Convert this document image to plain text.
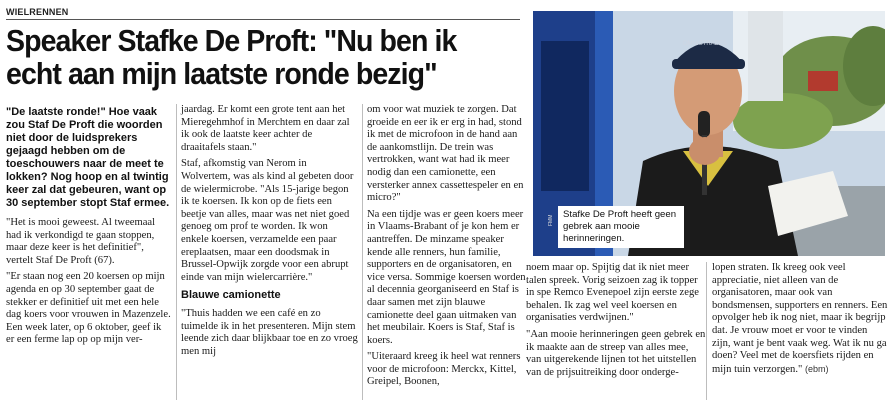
WIELRENNEN
Speaker Stafke De Proft: "Nu ben ik echt aan mijn laatste ronde bezig"

"De laatste ronde!" Hoe vaak zou Staf De Proft die woorden niet door de luidsprekers gejaagd hebben om de toeschouwers naar de meet te lokken? Nog hoop en al twintig keer zal dat gebeuren, want op 30 september stopt Staf ermee.

"Het is mooi geweest. Al tweemaal had ik verkondigd te gaan stoppen, maar deze keer is het definitief", vertelt Staf De Proft (67).

"Er staan nog een 20 koersen op mijn agenda en op 30 september gaat de stekker er definitief uit met een hele dag koers voor vrouwen in Mazenzele. Een week later, op 6 oktober, geef ik er een ferme lap op op mijn ver-

jaardag. Er komt een grote tent aan het Mieregehmhof in Merchtem en daar zal ik ook de laatste keer achter de draaitafels staan."

Staf, afkomstig van Nerom in Wolvertem, was als kind al gebeten door de wielermicrobe. "Als 15-jarige begon ik te koersen. Ik kon op de fiets een beetje van alles, maar was net niet goed genoeg om prof te worden. Ik won enkele koersen, verzamelde een paar ereplaatsen, maar een doodsmak in Brussel-Opwijk zorgde voor een abrupt einde van mijn wielercarrière."

Blauwe camionette

"Thuis hadden we een café en zo tuimelde ik in het presenteren. Mijn stem leende zich daar blijkbaar toe en zo vroeg men mij

om voor wat muziek te zorgen. Dat groeide en eer ik er erg in had, stond ik met de microfoon in de hand aan de aankomstlijn. De trein was vertrokken, want wat had ik meer nodig dan een camionette, een versterker annex cassettespeler en en micro?"

Na een tijdje was er geen koers meer in Vlaams-Brabant of je kon hem er aantreffen. De minzame speaker kende alle renners, hun familie, supporters en de organisatoren, en vice versa. Sommige koersen worden al decennia georganiseerd en Staf is daar samen met zijn blauwe camionette deel gaan uitmaken van het meubilair. Koers is Staf, Staf is koers.

"Uiteraard kreeg ik heel wat renners voor de microfoon: Merckx, Kittel, Greipel, Boonen,

OMNISTRADES
FMM
Stafke De Proft heeft geen gebrek aan mooie herinneringen.

noem maar op. Spijtig dat ik niet meer talen spreek. Vorig seizoen zag ik topper in spe Remco Evenepoel zijn eerste zege behalen. Ik zag wel veel koersen en organisaties verdwijnen."

"Aan mooie herinneringen geen gebrek en ik maakte aan de streep van alles mee, van uitgerekende lijnen tot het uitstellen van de prijsuitreiking door onderge-

lopen straten. Ik kreeg ook veel appreciatie, niet alleen van de organisatoren, maar ook van bondsmensen, supporters en renners. Een opvolger heb ik nog niet, maar ik begrijp dat. Je vrouw moet er voor te vinden zijn, want je bent vaak weg. Wat ik nu ga doen? Veel met de koersfiets rijden en mijn tuin verzorgen." (ebm)
